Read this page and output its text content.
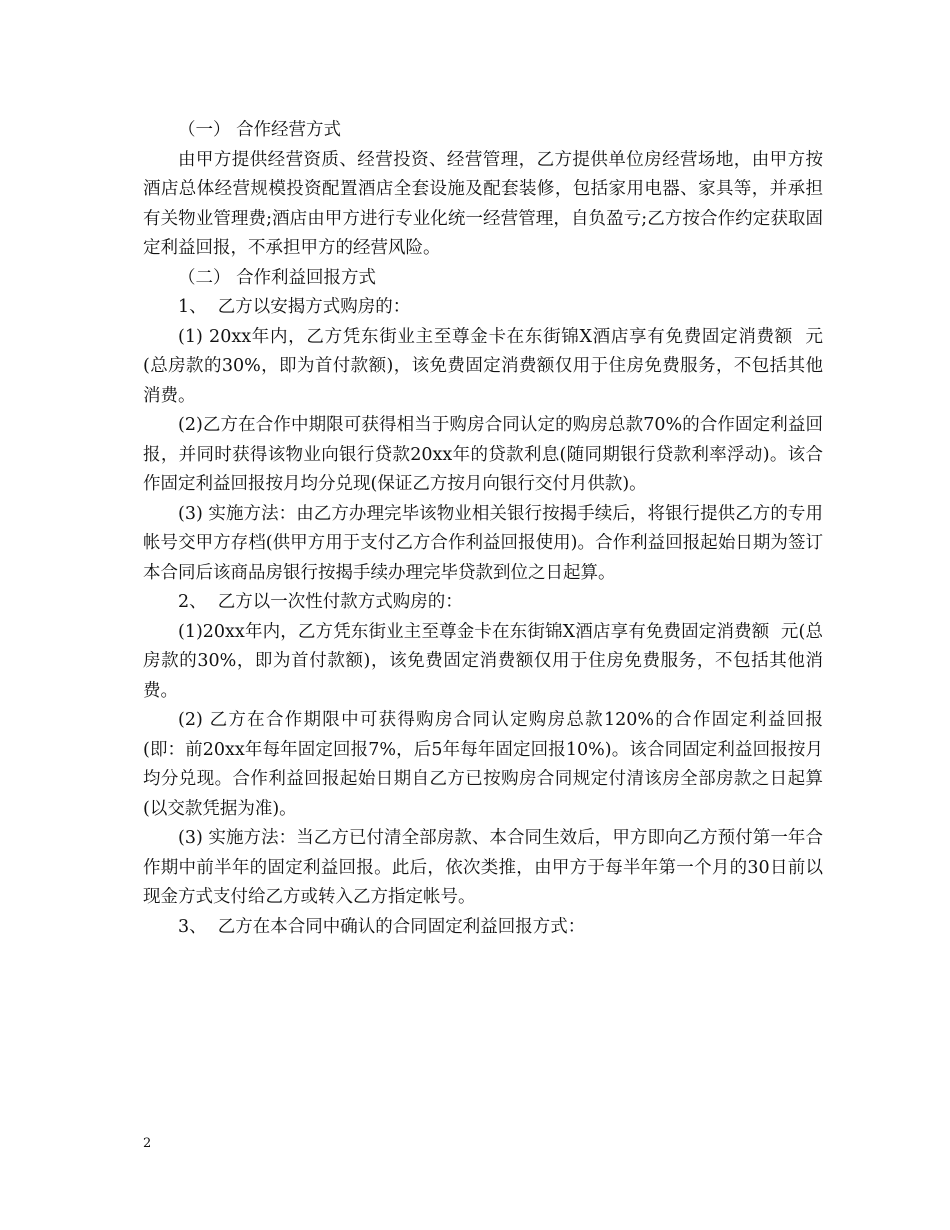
（一） 合作经营方式

由甲方提供经营资质、经营投资、经营管理，乙方提供单位房经营场地，由甲方按酒店总体经营规模投资配置酒店全套设施及配套装修，包括家用电器、家具等，并承担有关物业管理费;酒店由甲方进行专业化统一经营管理，自负盈亏;乙方按合作约定获取固定利益回报，不承担甲方的经营风险。

（二） 合作利益回报方式

1、  乙方以安揭方式购房的：

(1) 20xx年内，乙方凭东街业主至尊金卡在东街锦X酒店享有免费固定消费额  元(总房款的30%，即为首付款额)，该免费固定消费额仅用于住房免费服务，不包括其他消费。

(2)乙方在合作中期限可获得相当于购房合同认定的购房总款70%的合作固定利益回报，并同时获得该物业向银行贷款20xx年的贷款利息(随同期银行贷款利率浮动)。该合作固定利益回报按月均分兑现(保证乙方按月向银行交付月供款)。

(3) 实施方法：由乙方办理完毕该物业相关银行按揭手续后，将银行提供乙方的专用帐号交甲方存档(供甲方用于支付乙方合作利益回报使用)。合作利益回报起始日期为签订本合同后该商品房银行按揭手续办理完毕贷款到位之日起算。

2、  乙方以一次性付款方式购房的：

(1)20xx年内，乙方凭东街业主至尊金卡在东街锦X酒店享有免费固定消费额  元(总房款的30%，即为首付款额)，该免费固定消费额仅用于住房免费服务，不包括其他消费。

(2) 乙方在合作期限中可获得购房合同认定购房总款120%的合作固定利益回报(即：前20xx年每年固定回报7%，后5年每年固定回报10%)。该合同固定利益回报按月均分兑现。合作利益回报起始日期自乙方已按购房合同规定付清该房全部房款之日起算(以交款凭据为准)。

(3) 实施方法：当乙方已付清全部房款、本合同生效后，甲方即向乙方预付第一年合作期中前半年的固定利益回报。此后，依次类推，由甲方于每半年第一个月的30日前以现金方式支付给乙方或转入乙方指定帐号。

3、  乙方在本合同中确认的合同固定利益回报方式：

2
